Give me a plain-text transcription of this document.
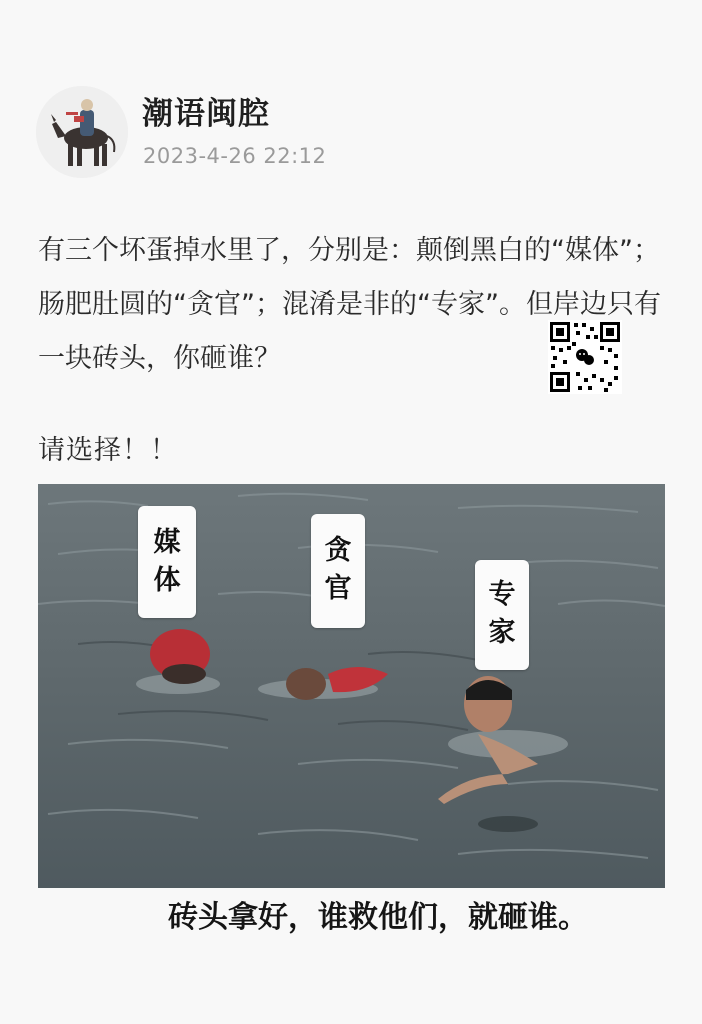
潮语闽腔
2023-4-26 22:12
有三个坏蛋掉水里了，分别是：颠倒黑白的“媒体”；肠肥肚圆的“贪官”；混淆是非的“专家”。但岸边只有一块砖头，你砸谁？
请选择！！
媒
体
贪
官	专
家
砖头拿好，谁救他们，就砸谁。
